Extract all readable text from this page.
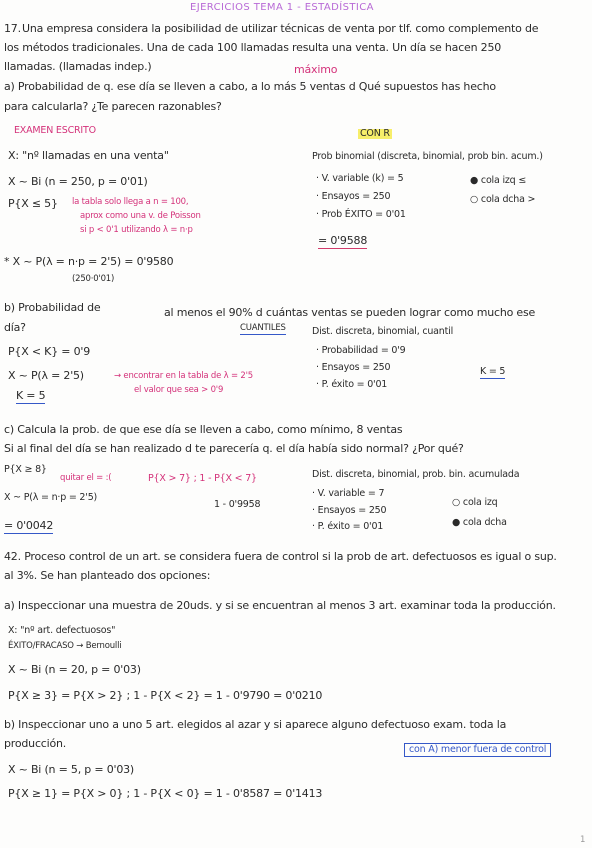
EJERCICIOS TEMA 1 - ESTADÍSTICA
17. Una empresa considera la posibilidad de utilizar técnicas de venta por tlf. como complemento de
los métodos tradicionales. Una de cada 100 llamadas resulta una venta. Un día se hacen 250
llamadas. (llamadas indep.)	máximo
a) Probabilidad de q. ese día se lleven a cabo, a lo más 5 ventas d Qué supuestos has hecho
para calcularla? ¿Te parecen razonables?
EXAMEN ESCRITO	CON R
X: "nº llamadas en una venta"
X ~ Bi (n = 250, p = 0'01)
P{X ≤ 5} la tabla solo llega a n = 100,
aprox como una v. de Poisson
si p < 0'1 utilizando λ = n·p
Prob binomial (discreta, binomial, prob bin. acum.)
· V. variable (k) = 5
· Ensayos = 250
· Prob ÉXITO = 0'01
= 0'9588
● cola izq ≤
○ cola dcha >
* X ~ P(λ = n·p = 2'5) = 0'9580
(250·0'01)
b) Probabilidad de	al menos el 90% d cuántas ventas se pueden lograr como mucho ese
día?	CUANTILES
P{X < K} = 0'9
X ~ P(λ = 2'5)	→ encontrar en la tabla de λ = 2'5
el valor que sea > 0'9
K = 5
Dist. discreta, binomial, cuantil
· Probabilidad = 0'9
· Ensayos = 250
· P. éxito = 0'01
K = 5
c) Calcula la prob. de que ese día se lleven a cabo, como mínimo, 8 ventas
Si al final del día se han realizado d te parecería q. el día había sido normal? ¿Por qué?
P{X ≥ 8}
quitar el = :(	P{X > 7} ; 1 - P{X < 7}
X ~ P(λ = n·p = 2'5)
1 - 0'9958
= 0'0042
Dist. discreta, binomial, prob. bin. acumulada
· V. variable = 7
· Ensayos = 250
· P. éxito = 0'01
○ cola izq
● cola dcha
42. Proceso control de un art. se considera fuera de control si la prob de art. defectuosos es igual o sup.
al 3%. Se han planteado dos opciones:
a) Inspeccionar una muestra de 20uds. y si se encuentran al menos 3 art. examinar toda la producción.
X: "nº art. defectuosos"
ÉXITO/FRACASO → Bernoulli
X ~ Bi (n = 20, p = 0'03)
P{X ≥ 3} = P{X > 2} ; 1 - P{X < 2} = 1 - 0'9790 = 0'0210
b) Inspeccionar uno a uno 5 art. elegidos al azar y si aparece alguno defectuoso exam. toda la
producción.	con A) menor fuera de control
X ~ Bi (n = 5, p = 0'03)
P{X ≥ 1} = P{X > 0} ; 1 - P{X < 0} = 1 - 0'8587 = 0'1413
1
